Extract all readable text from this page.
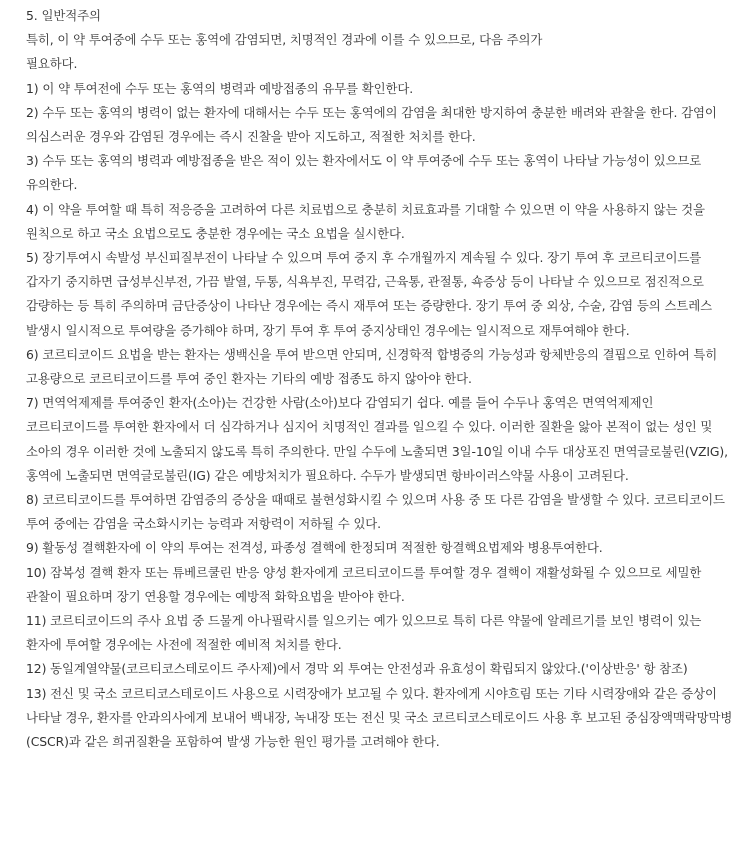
5. 일반적주의

특히, 이 약 투여중에 수두 또는 홍역에 감염되면, 치명적인 경과에 이를 수 있으므로, 다음 주의가

필요하다.

1) 이 약 투여전에 수두 또는 홍역의 병력과 예방접종의 유무를 확인한다.

2) 수두 또는 홍역의 병력이 없는 환자에 대해서는 수두 또는 홍역에의 감염을 최대한 방지하여 충분한 배려와 관찰을 한다. 감염이 의심스러운 경우와 감염된 경우에는 즉시 진찰을 받아 지도하고, 적절한 처치를 한다.

3) 수두 또는 홍역의 병력과 예방접종을 받은 적이 있는 환자에서도 이 약 투여중에 수두 또는 홍역이 나타날 가능성이 있으므로 유의한다.

4) 이 약을 투여할 때 특히 적응증을 고려하여 다른 치료법으로 충분히 치료효과를 기대할 수 있으면 이 약을 사용하지 않는 것을 원칙으로 하고 국소 요법으로도 충분한 경우에는 국소 요법을 실시한다.

5) 장기투여시 속발성 부신피질부전이 나타날 수 있으며 투여 중지 후 수개월까지 계속될 수 있다. 장기 투여 후 코르티코이드를 갑자기 중지하면 급성부신부전, 가끔 발열, 두통, 식욕부진, 무력감, 근육통, 관절통, 쇽증상 등이 나타날 수 있으므로 점진적으로 감량하는 등 특히 주의하며 금단증상이 나타난 경우에는 즉시 재투여 또는 증량한다. 장기 투여 중 외상, 수술, 감염 등의 스트레스 발생시 일시적으로 투여량을 증가해야 하며, 장기 투여 후 투여 중지상태인 경우에는 일시적으로 재투여해야 한다.

6) 코르티코이드 요법을 받는 환자는 생백신을 투여 받으면 안되며, 신경학적 합병증의 가능성과 항체반응의 결핍으로 인하여 특히 고용량으로 코르티코이드를 투여 중인 환자는 기타의 예방 접종도 하지 않아야 한다.

7) 면역억제제를 투여중인 환자(소아)는 건강한 사람(소아)보다 감염되기 쉽다. 예를 들어 수두나 홍역은 면역억제제인 코르티코이드를 투여한 환자에서 더 심각하거나 심지어 치명적인 결과를 일으킬 수 있다. 이러한 질환을 앓아 본적이 없는 성인 및 소아의 경우 이러한 것에 노출되지 않도록 특히 주의한다. 만일 수두에 노출되면 3일-10일 이내 수두 대상포진 면역글로불린(VZIG), 홍역에 노출되면 면역글로불린(IG) 같은 예방처치가 필요하다. 수두가 발생되면 항바이러스약물 사용이 고려된다.

8) 코르티코이드를 투여하면 감염증의 증상을 때때로 불현성화시킬 수 있으며 사용 중 또 다른 감염을 발생할 수 있다. 코르티코이드 투여 중에는 감염을 국소화시키는 능력과 저항력이 저하될 수 있다.

9) 활동성 결핵환자에 이 약의 투여는 전격성, 파종성 결핵에 한정되며 적절한 항결핵요법제와 병용투여한다.

10) 잠복성 결핵 환자 또는 튜베르쿨린 반응 양성 환자에게 코르티코이드를 투여할 경우 결핵이 재활성화될 수 있으므로 세밀한 관찰이 필요하며 장기 연용할 경우에는 예방적 화학요법을 받아야 한다.

11) 코르티코이드의 주사 요법 중 드물게 아나필락시를 일으키는 예가 있으므로 특히 다른 약물에 알레르기를 보인 병력이 있는 환자에 투여할 경우에는 사전에 적절한 예비적 처치를 한다.

12) 동일계열약물(코르티코스테로이드 주사제)에서 경막 외 투여는 안전성과 유효성이 확립되지 않았다.('이상반응' 항 참조)

13) 전신 및 국소 코르티코스테로이드 사용으로 시력장애가 보고될 수 있다. 환자에게 시야흐림 또는 기타 시력장애와 같은 증상이 나타날 경우, 환자를 안과의사에게 보내어 백내장, 녹내장 또는 전신 및 국소 코르티코스테로이드 사용 후 보고된 중심장액맥락망막병(CSCR)과 같은 희귀질환을 포함하여 발생 가능한 원인 평가를 고려해야 한다.
